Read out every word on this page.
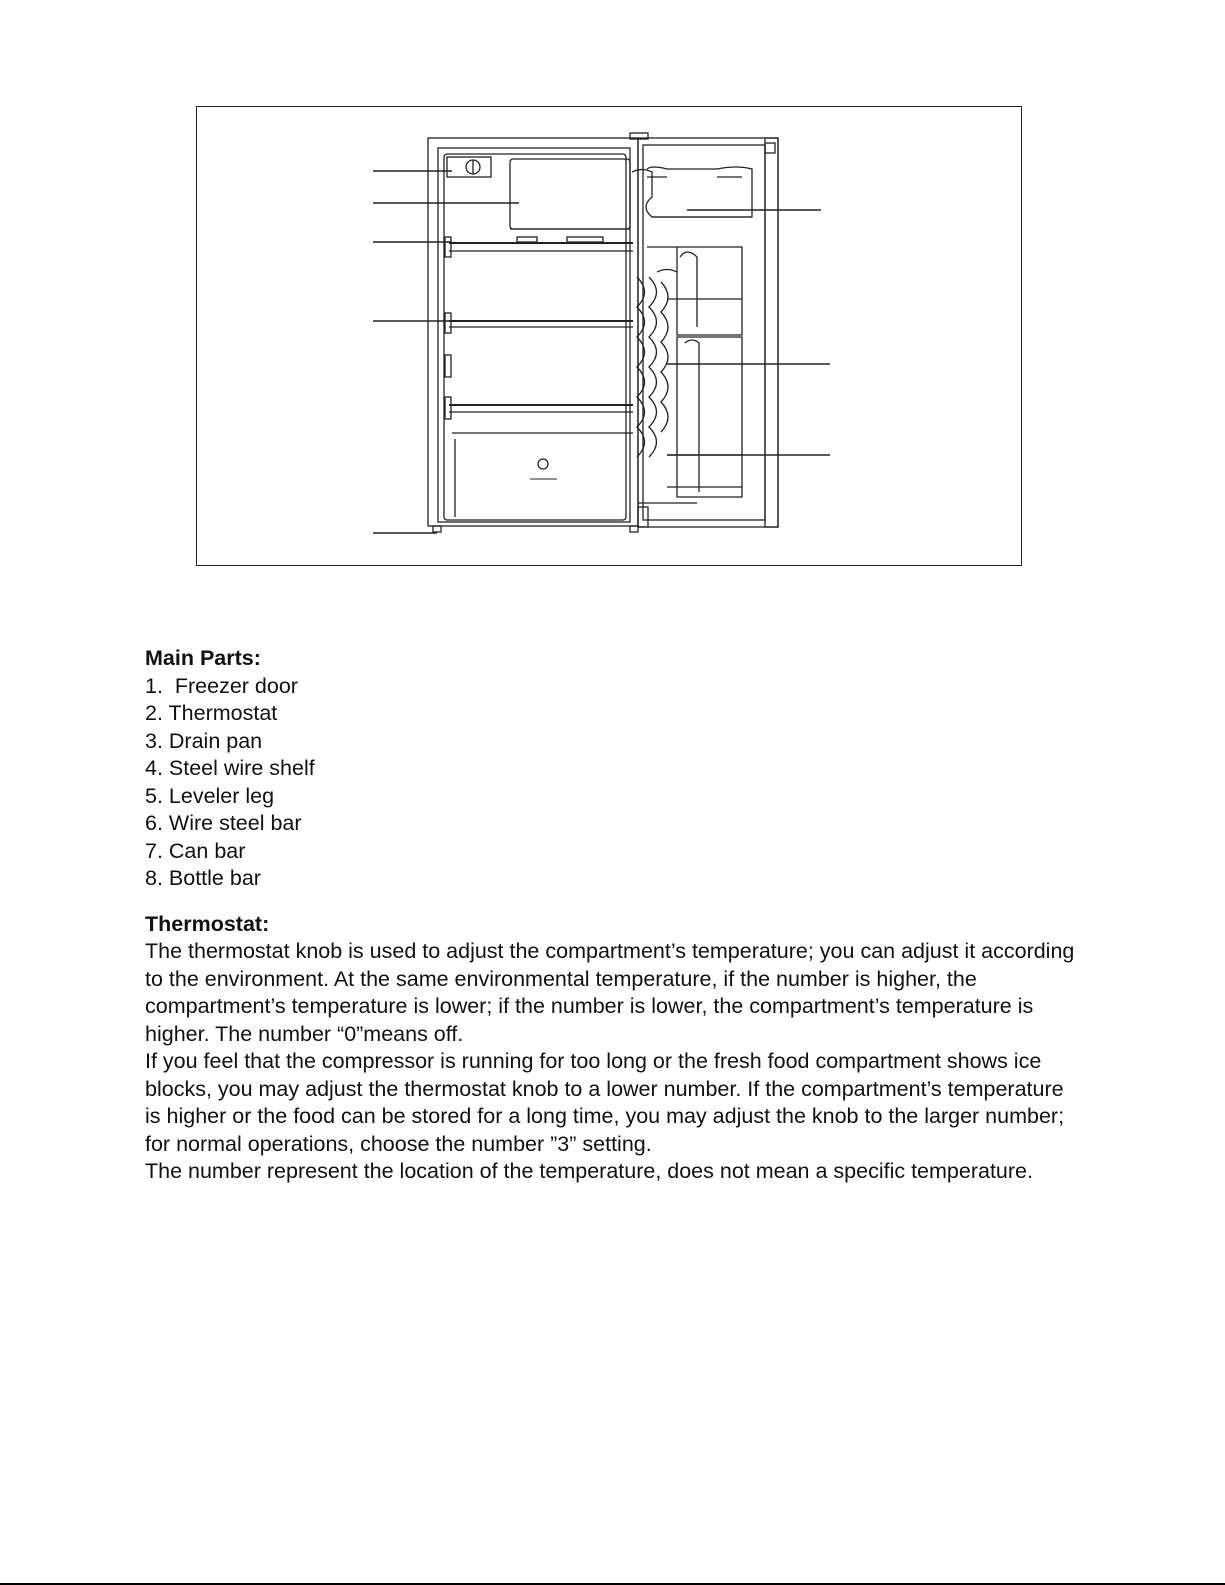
Main Parts:

1.  Freezer door
2. Thermostat
3. Drain pan
4. Steel wire shelf
5. Leveler leg
6. Wire steel bar
7. Can bar
8. Bottle bar

Thermostat:

The thermostat knob is used to adjust the compartment’s temperature; you can adjust it according to the environment. At the same environmental temperature, if the number is higher, the compartment’s temperature is lower; if the number is lower, the compartment’s temperature is higher. The number “0”means off.

If you feel that the compressor is running for too long or the fresh food compartment shows ice blocks, you may adjust the thermostat knob to a lower number. If the compartment’s temperature is higher or the food can be stored for a long time, you may adjust the knob to the larger number; for normal operations, choose the number ”3” setting.

The number represent the location of the temperature, does not mean a specific temperature.
